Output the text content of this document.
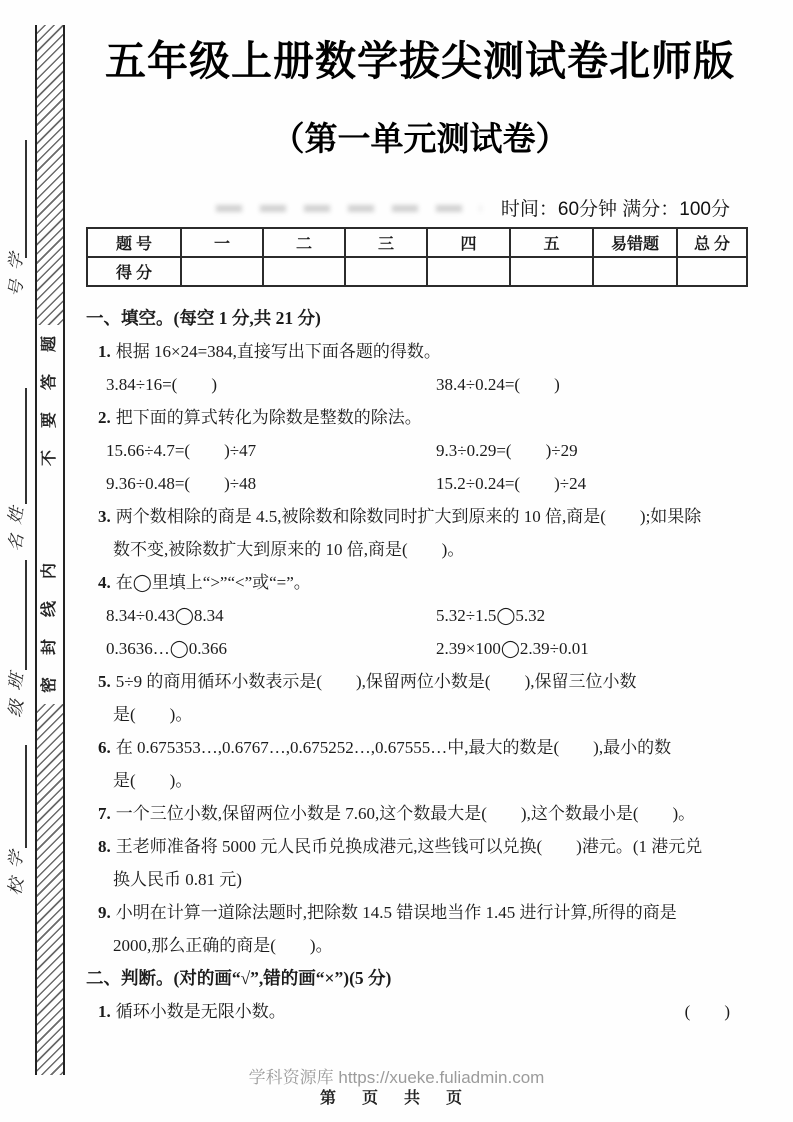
题
答
要
不
内
线
封
密
学
号
姓
名
班
级
学
校
五年级上册数学拔尖测试卷北师版
（第一单元测试卷）
时间：60分钟 满分：100分
题 号	一	二	三	四	五	易错题	总 分
得 分							
一、填空。(每空 1 分,共 21 分)
1. 根据 16×24=384,直接写出下面各题的得数。
3.84÷16=(　　)	38.4÷0.24=(　　)
2. 把下面的算式转化为除数是整数的除法。
15.66÷4.7=(　　)÷47	9.3÷0.29=(　　)÷29
9.36÷0.48=(　　)÷48	15.2÷0.24=(　　)÷24
3. 两个数相除的商是 4.5,被除数和除数同时扩大到原来的 10 倍,商是(　　);如果除
数不变,被除数扩大到原来的 10 倍,商是(　　)。
4. 在◯里填上“>”“<”或“=”。
8.34÷0.43◯8.34	5.32÷1.5◯5.32
0.3636…◯0.366	2.39×100◯2.39÷0.01
5. 5÷9 的商用循环小数表示是(　　),保留两位小数是(　　),保留三位小数
是(　　)。
6. 在 0.675353…,0.6767…,0.675252…,0.67555…中,最大的数是(　　),最小的数
是(　　)。
7. 一个三位小数,保留两位小数是 7.60,这个数最大是(　　),这个数最小是(　　)。
8. 王老师准备将 5000 元人民币兑换成港元,这些钱可以兑换(　　)港元。(1 港元兑
换人民币 0.81 元)
9. 小明在计算一道除法题时,把除数 14.5 错误地当作 1.45 进行计算,所得的商是
2000,那么正确的商是(　　)。
二、判断。(对的画“√”,错的画“×”)(5 分)
1. 循环小数是无限小数。	(　　)
学科资源库 https://xueke.fuliadmin.com
第 页 共 页
